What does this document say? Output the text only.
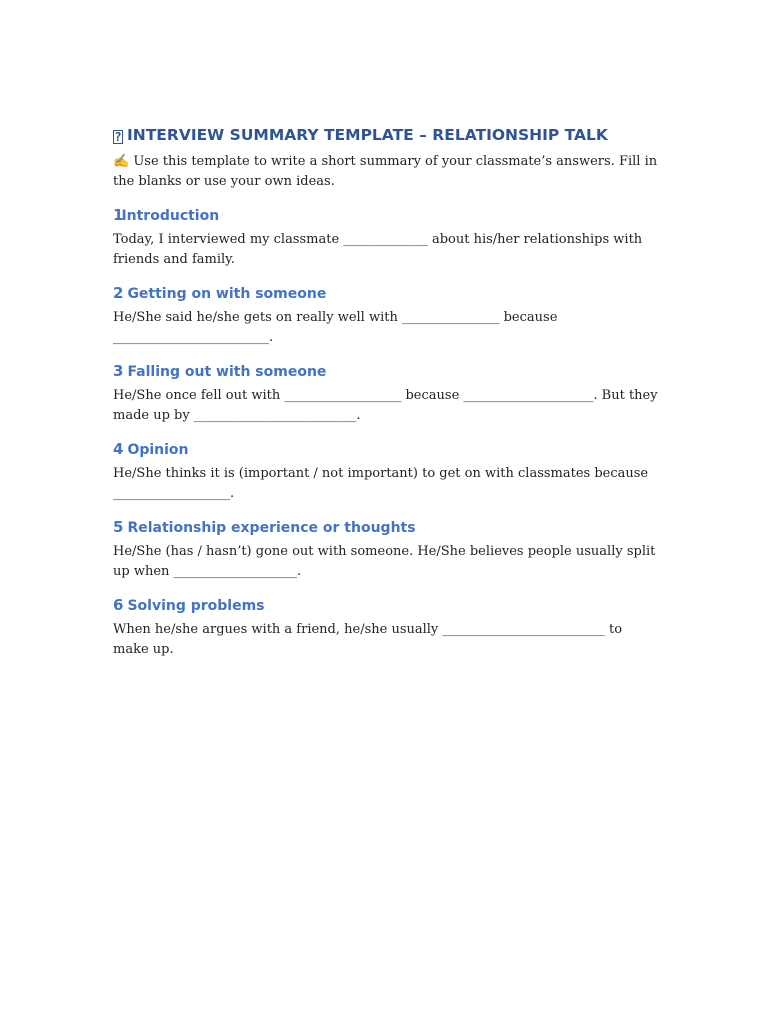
? INTERVIEW SUMMARY TEMPLATE – RELATIONSHIP TALK

✍ Use this template to write a short summary of your classmate’s answers. Fill in the blanks or use your own ideas.

1Introduction

Today, I interviewed my classmate _____________ about his/her relationships with friends and family.

2 Getting on with someone

He/She said he/she gets on really well with _______________ because ________________________.

3 Falling out with someone

He/She once fell out with __________________ because ____________________. But they made up by _________________________.

4 Opinion

He/She thinks it is (important / not important) to get on with classmates because __________________.

5 Relationship experience or thoughts

He/She (has / hasn’t) gone out with someone. He/She believes people usually split up when ___________________.

6 Solving problems

When he/she argues with a friend, he/she usually _________________________ to make up.
